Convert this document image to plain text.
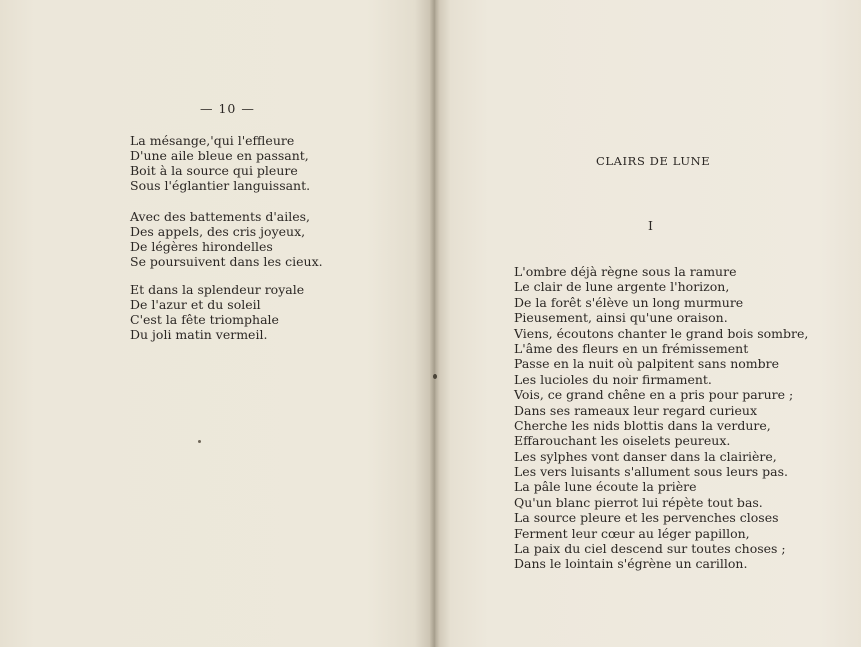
— 10 —
La mésange,'qui l'effleure
D'une aile bleue en passant,
Boit à la source qui pleure
Sous l'églantier languissant.
Avec des battements d'ailes,
Des appels, des cris joyeux,
De légères hirondelles
Se poursuivent dans les cieux.
Et dans la splendeur royale
De l'azur et du soleil
C'est la fête triomphale
Du joli matin vermeil.
CLAIRS DE LUNE
I
L'ombre déjà règne sous la ramure
Le clair de lune argente l'horizon,
De la forêt s'élève un long murmure
Pieusement, ainsi qu'une oraison.
Viens, écoutons chanter le grand bois sombre,
L'âme des fleurs en un frémissement
Passe en la nuit où palpitent sans nombre
Les lucioles du noir firmament.
Vois, ce grand chêne en a pris pour parure ;
Dans ses rameaux leur regard curieux
Cherche les nids blottis dans la verdure,
Effarouchant les oiselets peureux.
Les sylphes vont danser dans la clairière,
Les vers luisants s'allument sous leurs pas.
La pâle lune écoute la prière
Qu'un blanc pierrot lui répète tout bas.
La source pleure et les pervenches closes
Ferment leur cœur au léger papillon,
La paix du ciel descend sur toutes choses ;
Dans le lointain s'égrène un carillon.
